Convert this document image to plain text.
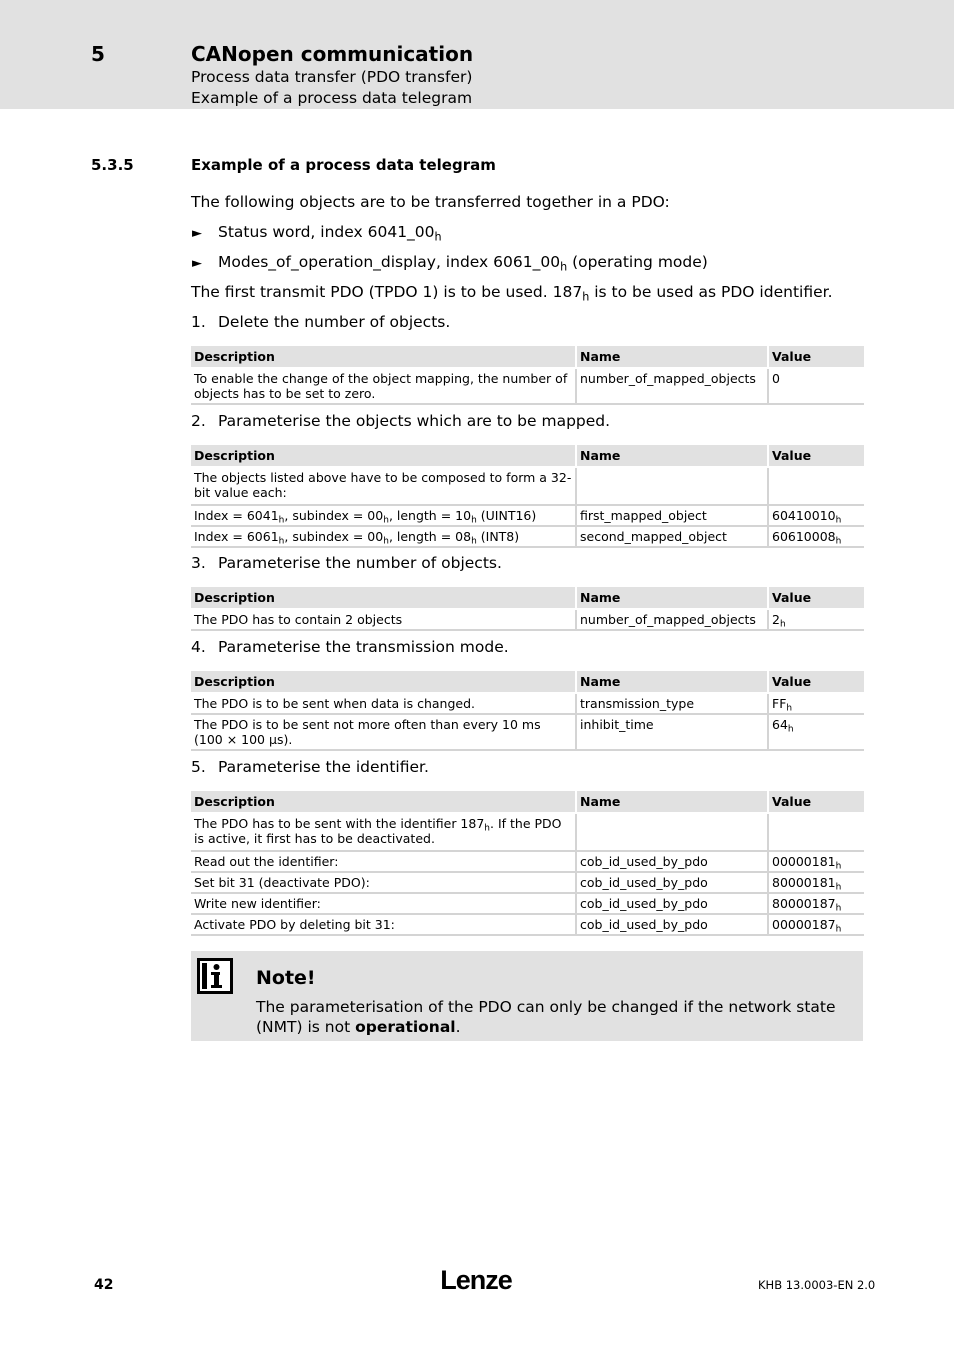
5	CANopen communication
Process data transfer (PDO transfer)
Example of a process data telegram
5.3.5	Example of a process data telegram
The following objects are to be transferred together in a PDO:
► Status word, index $6041\_00_h$
► Modes_of_operation_display, index $6061\_00_h$ (operating mode)
The first transmit PDO (TPDO 1) is to be used. $187_h$ is to be used as PDO identifier.
1. Delete the number of objects.
Description	Name	Value
To enable the change of the object mapping, the number of objects has to be set to zero.	number_of_mapped_objects	0
2. Parameterise the objects which are to be mapped.
Description	Name	Value
The objects listed above have to be composed to form a 32-bit value each:		
Index = $6041_h$, subindex = $00_h$, length = $10_h$ (UINT16)	first_mapped_object	$60410010_h$
Index = $6061_h$, subindex = $00_h$, length = $08_h$ (INT8)	second_mapped_object	$60610008_h$
3. Parameterise the number of objects.
Description	Name	Value
The PDO has to contain 2 objects	number_of_mapped_objects	$2_h$
4. Parameterise the transmission mode.
Description	Name	Value
The PDO is to be sent when data is changed.	transmission_type	$FF_h$
The PDO is to be sent not more often than every 10 ms
(100 × 100 μs).	inhibit_time	$64_h$
5. Parameterise the identifier.
Description	Name	Value
The PDO has to be sent with the identifier $187_h$. If the PDO is active, it first has to be deactivated.		
Read out the identifier:	cob_id_used_by_pdo	$00000181_h$
Set bit 31 (deactivate PDO):	cob_id_used_by_pdo	$80000181_h$
Write new identifier:	cob_id_used_by_pdo	$80000187_h$
Activate PDO by deleting bit 31:	cob_id_used_by_pdo	$00000187_h$
Note!
The parameterisation of the PDO can only be changed if the network state (NMT) is not operational.
42	Lenze	KHB 13.0003-EN 2.0
